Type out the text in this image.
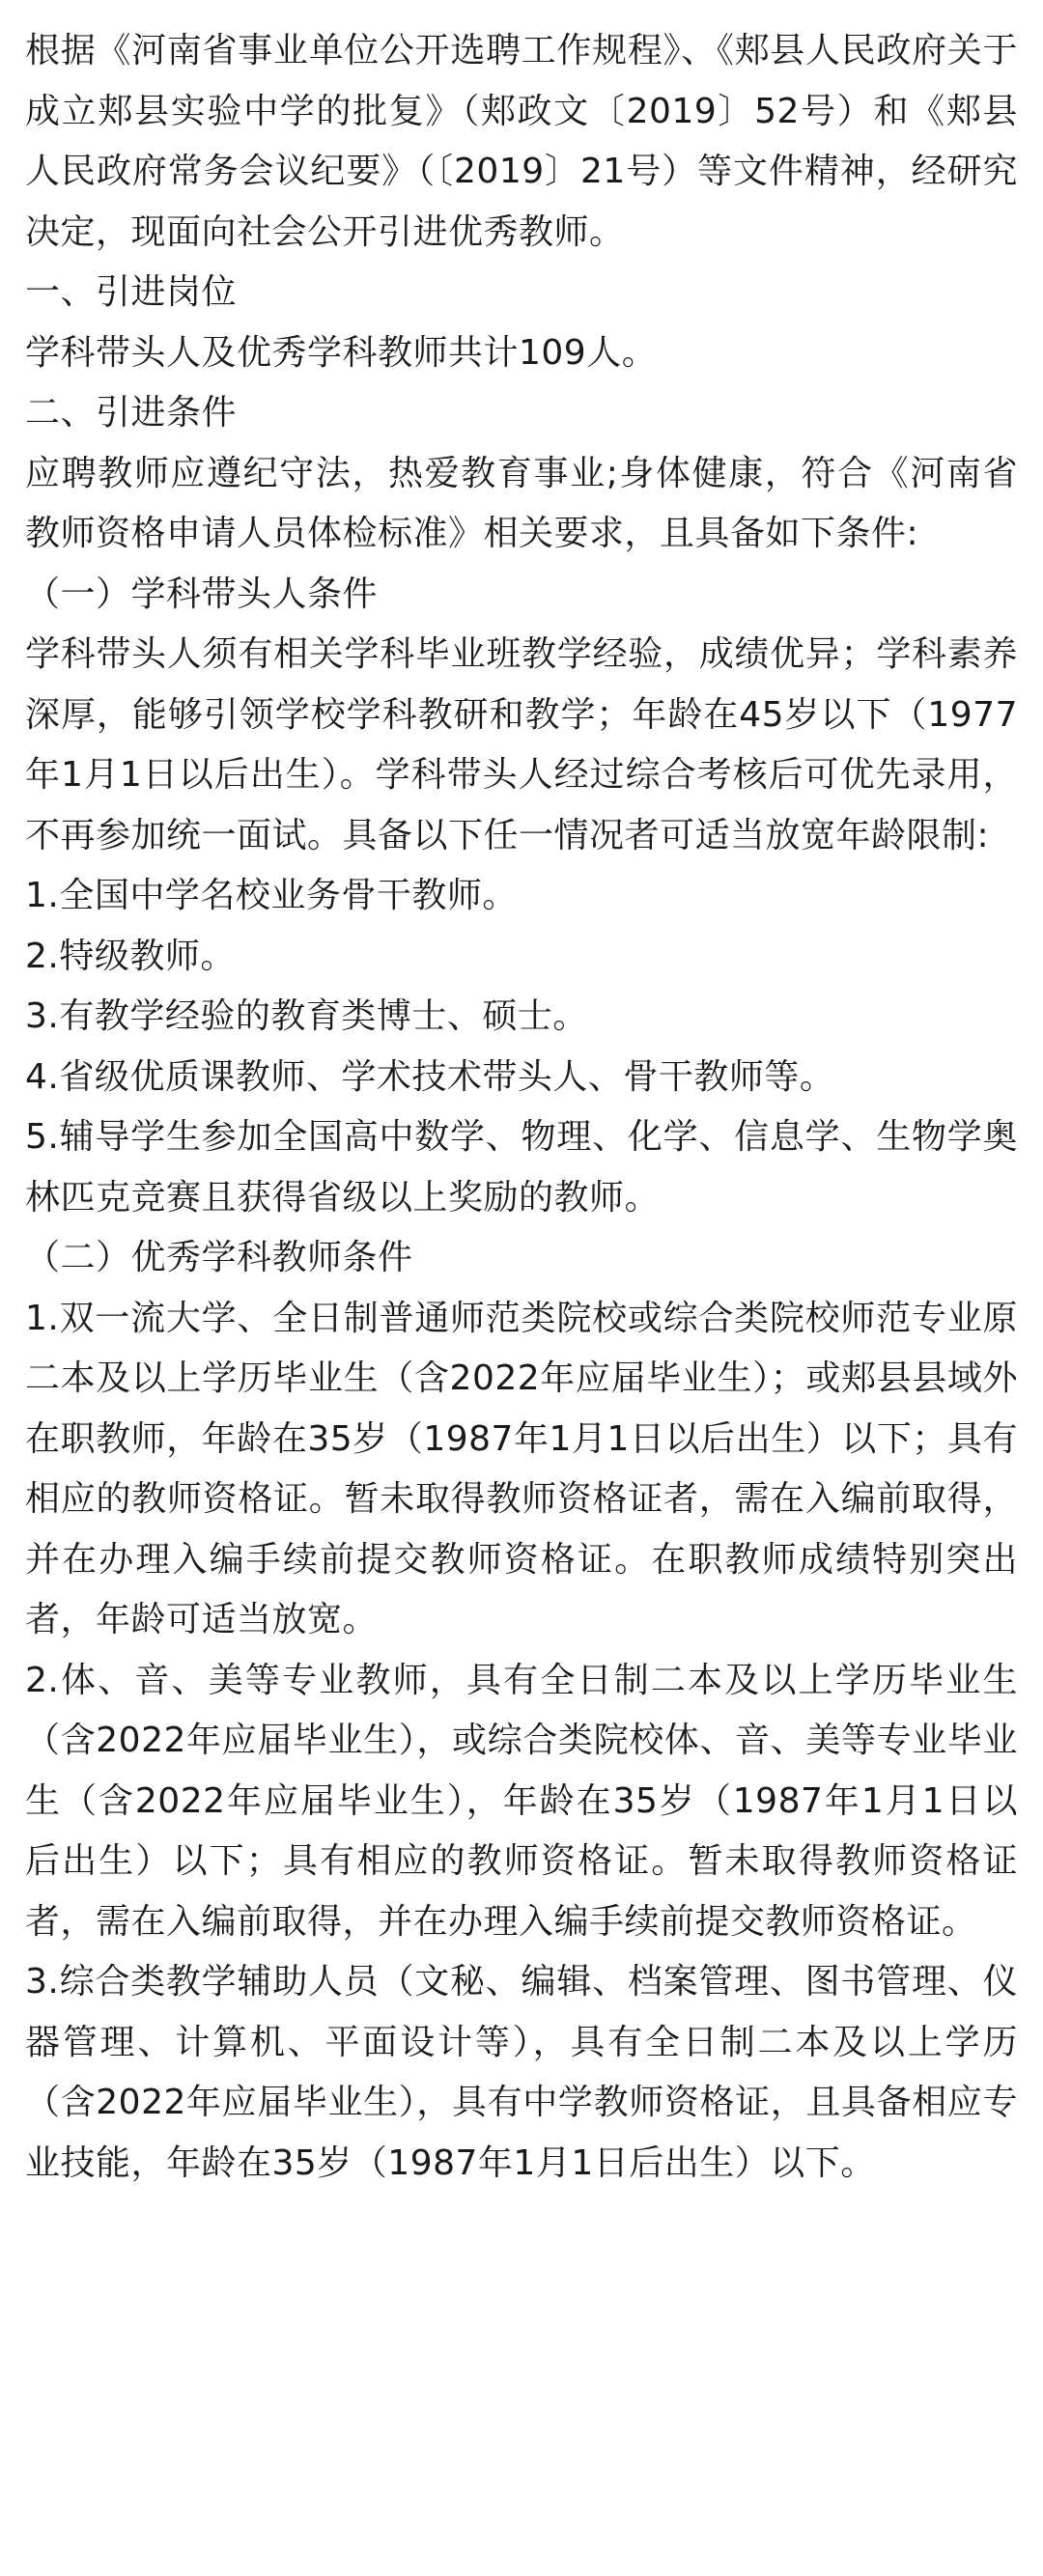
根据《河南省事业单位公开选聘工作规程》、《郏县人民政府关于成立郏县实验中学的批复》（郏政文〔2019〕52号）和《郏县人民政府常务会议纪要》（〔2019〕21号）等文件精神，经研究决定，现面向社会公开引进优秀教师。

一、引进岗位

学科带头人及优秀学科教师共计109人。

二、引进条件

应聘教师应遵纪守法，热爱教育事业;身体健康，符合《河南省教师资格申请人员体检标准》相关要求，且具备如下条件:

（一）学科带头人条件

学科带头人须有相关学科毕业班教学经验，成绩优异；学科素养深厚，能够引领学校学科教研和教学；年龄在45岁以下（1977年1月1日以后出生）。学科带头人经过综合考核后可优先录用，不再参加统一面试。具备以下任一情况者可适当放宽年龄限制:

1.全国中学名校业务骨干教师。

2.特级教师。

3.有教学经验的教育类博士、硕士。

4.省级优质课教师、学术技术带头人、骨干教师等。

5.辅导学生参加全国高中数学、物理、化学、信息学、生物学奥林匹克竞赛且获得省级以上奖励的教师。

（二）优秀学科教师条件

1.双一流大学、全日制普通师范类院校或综合类院校师范专业原二本及以上学历毕业生（含2022年应届毕业生）；或郏县县域外在职教师，年龄在35岁（1987年1月1日以后出生）以下；具有相应的教师资格证。暂未取得教师资格证者，需在入编前取得，并在办理入编手续前提交教师资格证。在职教师成绩特别突出者，年龄可适当放宽。

2.体、音、美等专业教师，具有全日制二本及以上学历毕业生（含2022年应届毕业生），或综合类院校体、音、美等专业毕业生（含2022年应届毕业生），年龄在35岁（1987年1月1日以后出生）以下；具有相应的教师资格证。暂未取得教师资格证者，需在入编前取得，并在办理入编手续前提交教师资格证。

3.综合类教学辅助人员（文秘、编辑、档案管理、图书管理、仪器管理、计算机、平面设计等），具有全日制二本及以上学历（含2022年应届毕业生），具有中学教师资格证，且具备相应专业技能，年龄在35岁（1987年1月1日后出生）以下。
